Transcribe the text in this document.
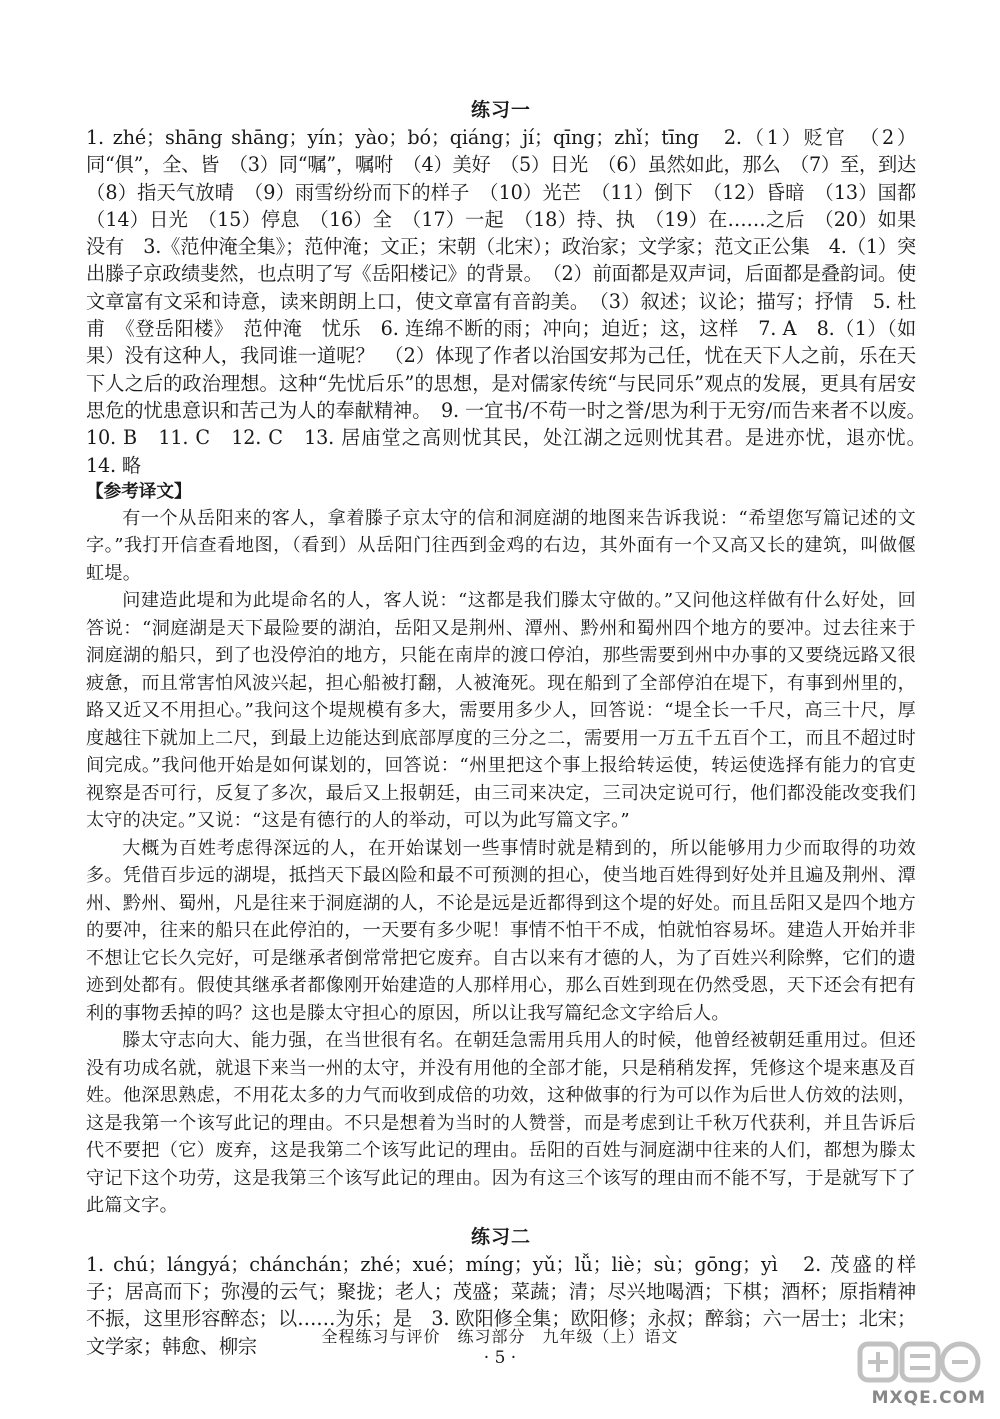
练习一

1. zhé；shāng shāng；yín；yào；bó；qiáng；jí；qīng；zhǐ；tīng　2.（1）贬官　（2）同“俱”，全、皆　（3）同“嘱”，嘱咐　（4）美好　（5）日光　（6）虽然如此，那么　（7）至，到达　（8）指天气放晴　（9）雨雪纷纷而下的样子　（10）光芒　（11）倒下　（12）昏暗　（13）国都　（14）日光　（15）停息　（16）全　（17）一起　（18）持、执　（19）在……之后　（20）如果没有　3.《范仲淹全集》；范仲淹；文正；宋朝（北宋）；政治家；文学家；范文正公集　4.（1）突出滕子京政绩斐然，也点明了写《岳阳楼记》的背景。　（2）前面都是双声词，后面都是叠韵词。使文章富有文采和诗意，读来朗朗上口，使文章富有音韵美。　（3）叙述；议论；描写；抒情　5. 杜甫　《登岳阳楼》　范仲淹　忧乐　6. 连绵不断的雨；冲向；迫近；这，这样　7. A　8.（1）（如果）没有这种人，我同谁一道呢？　（2）体现了作者以治国安邦为己任，忧在天下人之前，乐在天下人之后的政治理想。这种“先忧后乐”的思想，是对儒家传统“与民同乐”观点的发展，更具有居安思危的忧患意识和苦己为人的奉献精神。　9. 一宜书/不苟一时之誉/思为利于无穷/而告来者不以废。　10. B　11. C　12. C　13. 居庙堂之高则忧其民，处江湖之远则忧其君。是进亦忧，退亦忧。　14. 略

【参考译文】

有一个从岳阳来的客人，拿着滕子京太守的信和洞庭湖的地图来告诉我说：“希望您写篇记述的文字。”我打开信查看地图，（看到）从岳阳门往西到金鸡的右边，其外面有一个又高又长的建筑，叫做偃虹堤。

问建造此堤和为此堤命名的人，客人说：“这都是我们滕太守做的。”又问他这样做有什么好处，回答说：“洞庭湖是天下最险要的湖泊，岳阳又是荆州、潭州、黔州和蜀州四个地方的要冲。过去往来于洞庭湖的船只，到了也没停泊的地方，只能在南岸的渡口停泊，那些需要到州中办事的又要绕远路又很疲惫，而且常害怕风波兴起，担心船被打翻，人被淹死。现在船到了全部停泊在堤下，有事到州里的，路又近又不用担心。”我问这个堤规模有多大，需要用多少人，回答说：“堤全长一千尺，高三十尺，厚度越往下就加上二尺，到最上边能达到底部厚度的三分之二，需要用一万五千五百个工，而且不超过时间完成。”我问他开始是如何谋划的，回答说：“州里把这个事上报给转运使，转运使选择有能力的官吏视察是否可行，反复了多次，最后又上报朝廷，由三司来决定，三司决定说可行，他们都没能改变我们太守的决定。”又说：“这是有德行的人的举动，可以为此写篇文字。”

大概为百姓考虑得深远的人，在开始谋划一些事情时就是精到的，所以能够用力少而取得的功效多。凭借百步远的湖堤，抵挡天下最凶险和最不可预测的担心，使当地百姓得到好处并且遍及荆州、潭州、黔州、蜀州，凡是往来于洞庭湖的人，不论是远是近都得到这个堤的好处。而且岳阳又是四个地方的要冲，往来的船只在此停泊的，一天要有多少呢！事情不怕干不成，怕就怕容易坏。建造人开始并非不想让它长久完好，可是继承者倒常常把它废弃。自古以来有才德的人，为了百姓兴利除弊，它们的遗迹到处都有。假使其继承者都像刚开始建造的人那样用心，那么百姓到现在仍然受恩，天下还会有把有利的事物丢掉的吗？这也是滕太守担心的原因，所以让我写篇纪念文字给后人。

滕太守志向大、能力强，在当世很有名。在朝廷急需用兵用人的时候，他曾经被朝廷重用过。但还没有功成名就，就退下来当一州的太守，并没有用他的全部才能，只是稍稍发挥，凭修这个堤来惠及百姓。他深思熟虑，不用花太多的力气而收到成倍的功效，这种做事的行为可以作为后世人仿效的法则，这是我第一个该写此记的理由。不只是想着为当时的人赞誉，而是考虑到让千秋万代获利，并且告诉后代不要把（它）废弃，这是我第二个该写此记的理由。岳阳的百姓与洞庭湖中往来的人们，都想为滕太守记下这个功劳，这是我第三个该写此记的理由。因为有这三个该写的理由而不能不写，于是就写下了此篇文字。

练习二

1. chú；lángyá；chánchán；zhé；xué；míng；yǔ；lǚ；liè；sù；gōng；yì　2. 茂盛的样子；居高而下；弥漫的云气；聚拢；老人；茂盛；菜蔬；清；尽兴地喝酒；下棋；酒杯；原指精神不振，这里形容醉态；以……为乐；是　3. 欧阳修全集；欧阳修；永叔；醉翁；六一居士；北宋；文学家；韩愈、柳宗	全程练习与评价　练习部分　九年级（上）语文
· 5 ·
MXQE.COM
